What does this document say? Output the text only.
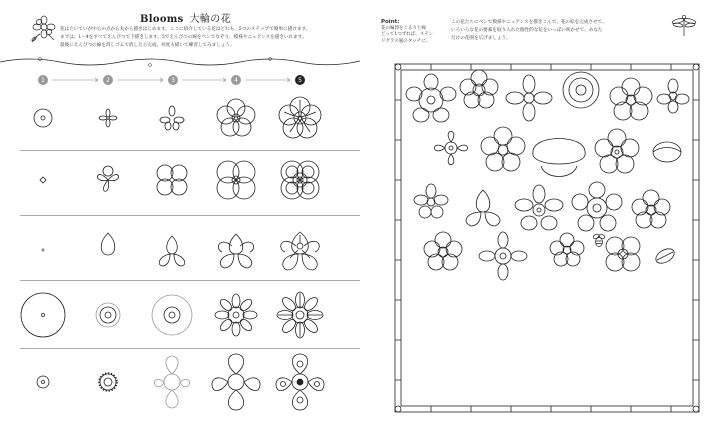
Blooms 大輪の花

花はたいていが中心の点から丸から描きはじめます。ここに紹介している花はどれも、5つのステップで簡単に描けます。

まずは、1〜4をすべてえんぴつで下描きします。5でえんぴつの線をペンでなぞり、模様やニュアンスを描きいれます。

最後にえんぴつの線を消しゴムで消したら完成。何度も描いて練習してみましょう。

1	2	3	4	5
Point:
花の輪郭をぐるりと線
どって1つずれば、ステン
ドグラス風のタッチに。

この花たちにペンで模様やニュアンスを描きこんで、花の絵を完成させて。

いろいろな花の要素を取り入れた個性的な花をいっぱい咲かせて、あなた

だけの花園を広げましょう。
